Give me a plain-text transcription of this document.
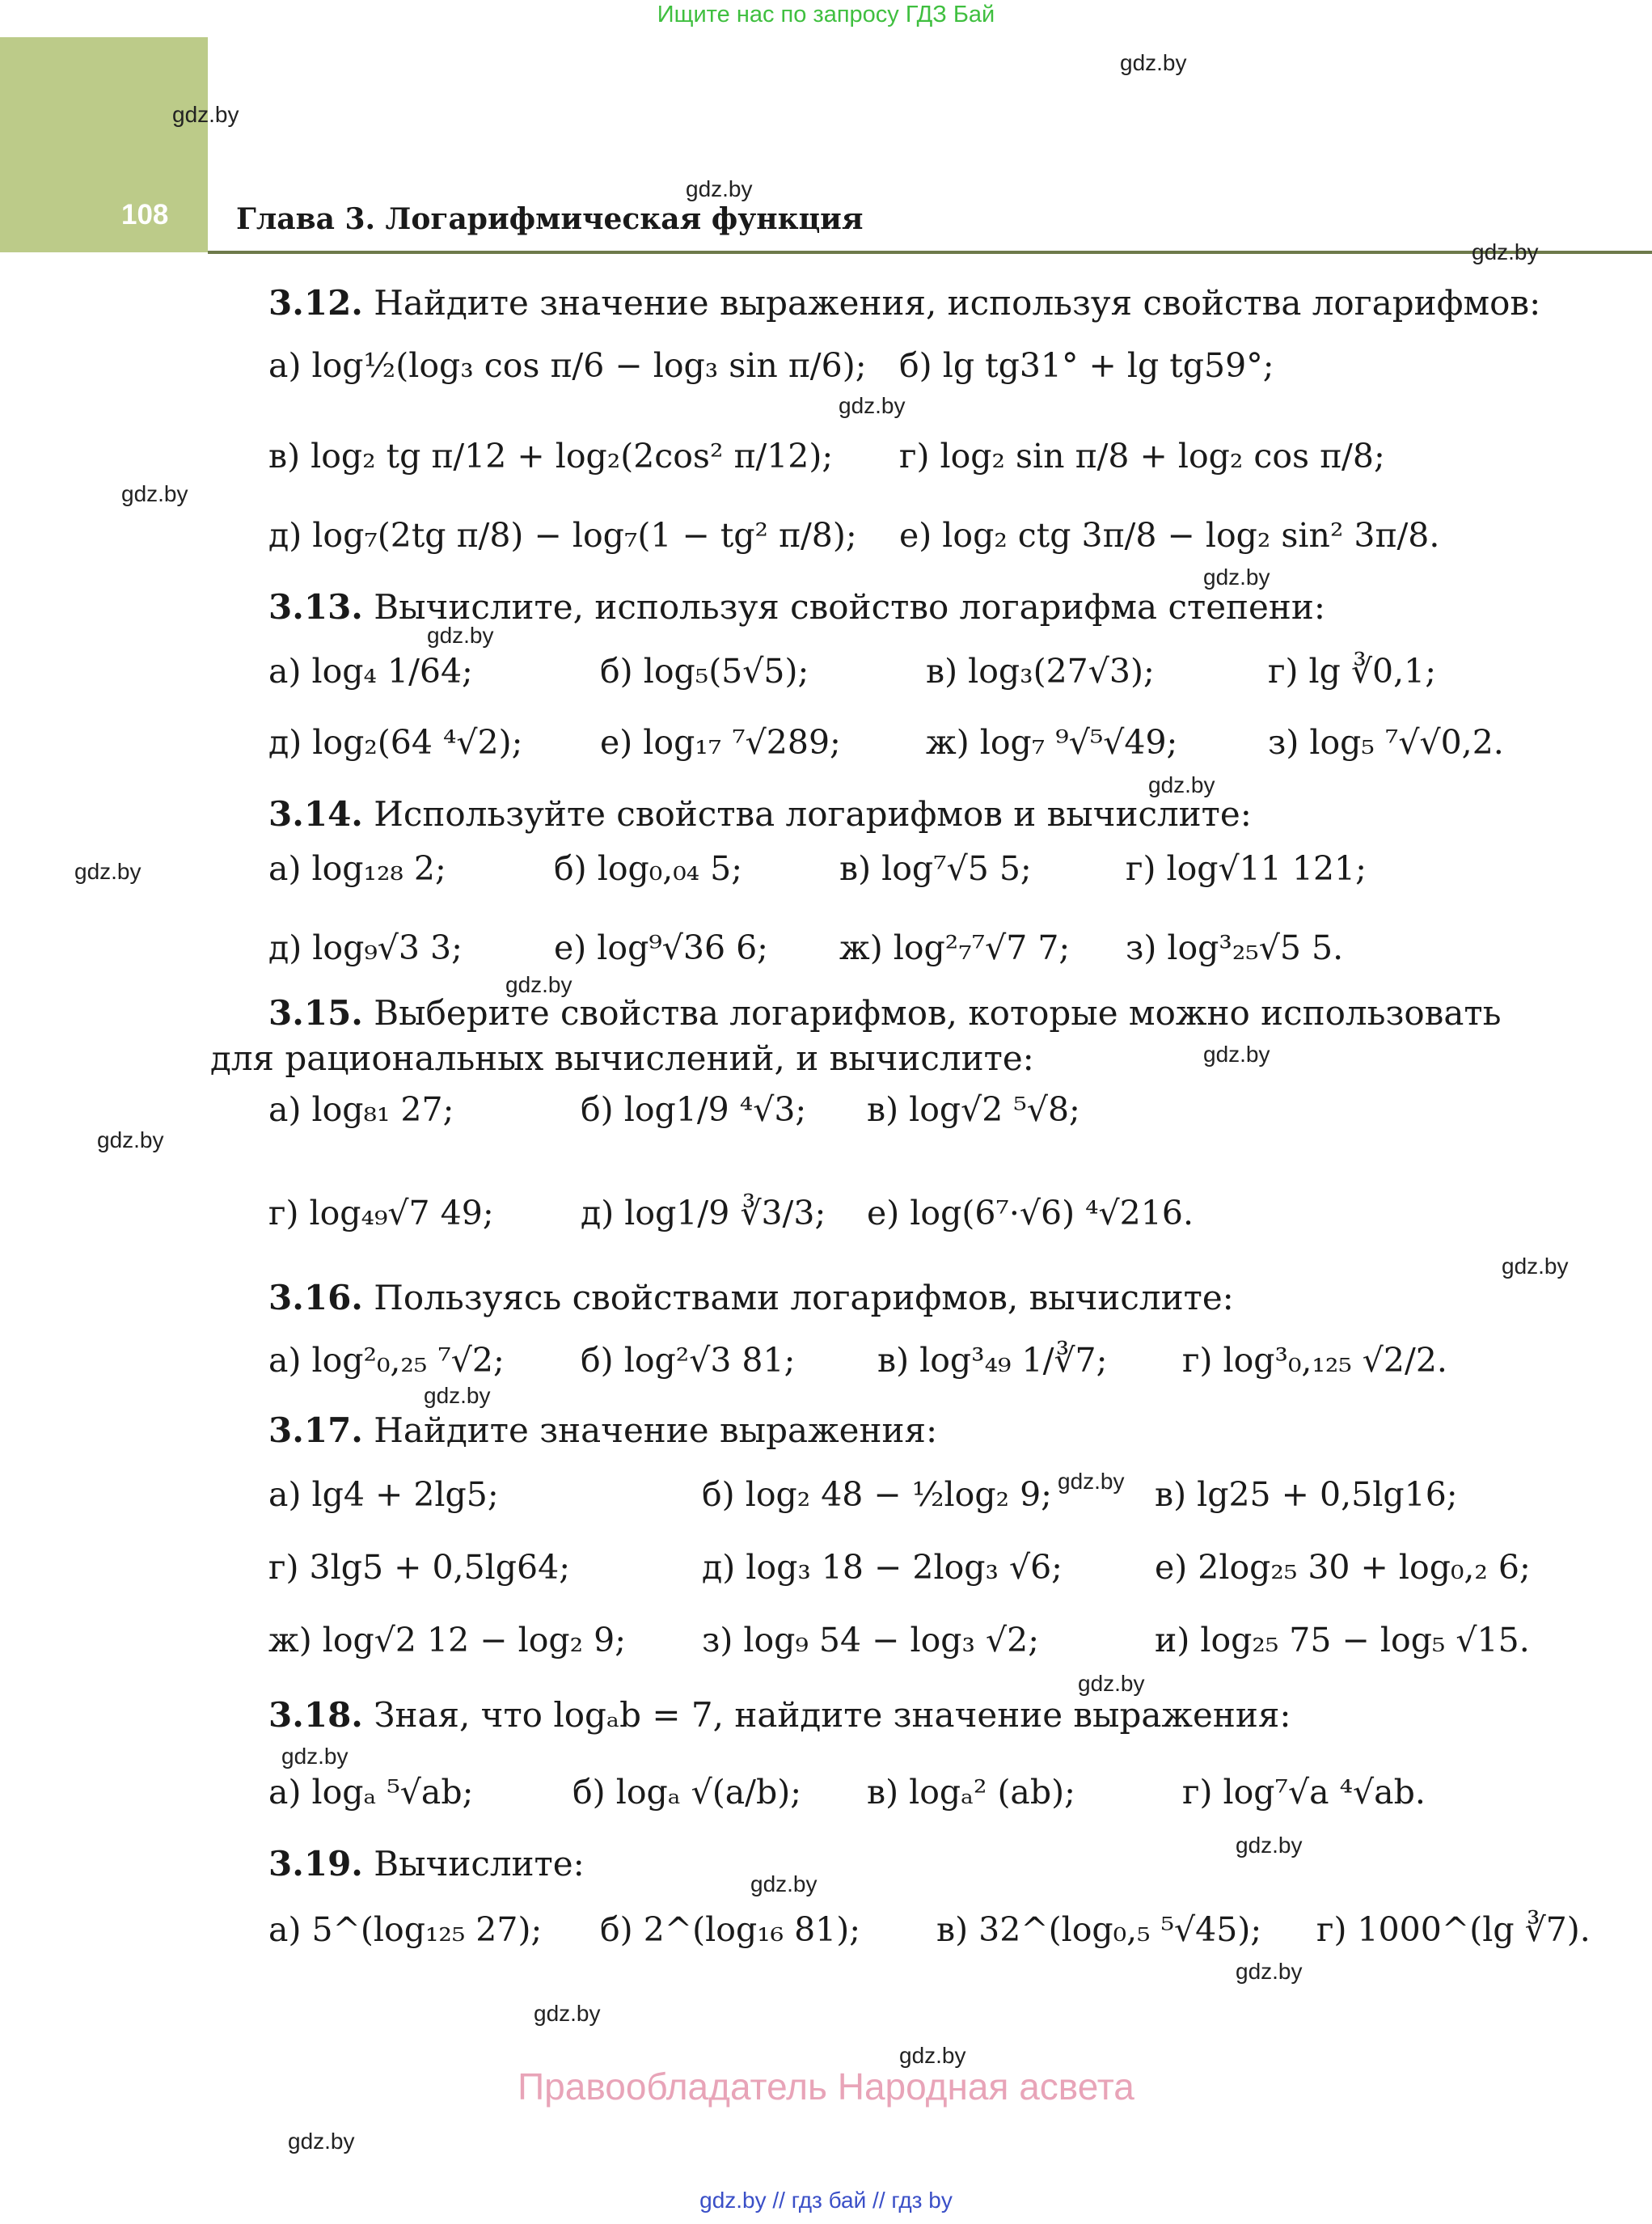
Ищите нас по запросу ГДЗ Бай
108 Глава 3. Логарифмическая функция
gdz.by
gdz.by
gdz.by
gdz.by
gdz.by
gdz.by
gdz.by
gdz.by
gdz.by
gdz.by
gdz.by
gdz.by
gdz.by
gdz.by
gdz.by
gdz.by
gdz.by
gdz.by
gdz.by
gdz.by
gdz.by
gdz.by
gdz.by
gdz.by
3.12. Найдите значение выражения, используя свойства логарифмов:
а) log½(log₃ cos π/6 − log₃ sin π/6); б) lg tg31° + lg tg59°;
в) log₂ tg π/12 + log₂(2cos² π/12); г) log₂ sin π/8 + log₂ cos π/8;
д) log₇(2tg π/8) − log₇(1 − tg² π/8); е) log₂ ctg 3π/8 − log₂ sin² 3π/8.
3.13. Вычислите, используя свойство логарифма степени:
а) log₄ 1/64;	б) log₅(5√5);	в) log₃(27√3);	г) lg ∛0,1;
д) log₂(64 ⁴√2); е) log₁₇ ⁷√289;	ж) log₇ ⁹√⁵√49;	з) log₅ ⁷√√0,2.
3.14. Используйте свойства логарифмов и вычислите:
а) log₁₂₈ 2;	б) log₀,₀₄ 5;	в) log⁷√5 5;	г) log√11 121;
д) log₉√3 3;	е) log⁹√36 6; ж) log²₇⁷√7 7; з) log³₂₅√5 5.
3.15. Выберите свойства логарифмов, которые можно использовать
для рациональных вычислений, и вычислите:
а) log₈₁ 27;	б) log1/9 ⁴√3; в) log√2 ⁵√8;
г) log₄₉√7 49;	д) log1/9 ∛3/3; е) log(6⁷·√6) ⁴√216.
3.16. Пользуясь свойствами логарифмов, вычислите:
а) log²₀,₂₅ ⁷√2; б) log²√3 81; в) log³₄₉ 1/∛7; г) log³₀,₁₂₅ √2/2.
3.17. Найдите значение выражения:
а) lg4 + 2lg5;	б) log₂ 48 − ½log₂ 9;	в) lg25 + 0,5lg16;
г) 3lg5 + 0,5lg64;	д) log₃ 18 − 2log₃ √6;	е) 2log₂₅ 30 + log₀,₂ 6;
ж) log√2 12 − log₂ 9; з) log₉ 54 − log₃ √2;	и) log₂₅ 75 − log₅ √15.
3.18. Зная, что logₐb = 7, найдите значение выражения:
а) logₐ ⁵√ab;	б) logₐ √(a/b); в) logₐ² (ab);	г) log⁷√a ⁴√ab.
3.19. Вычислите:
а) 5^(log₁₂₅ 27); б) 2^(log₁₆ 81); в) 32^(log₀,₅ ⁵√45); г) 1000^(lg ∛7).
Правообладатель Народная асвета
gdz.by // гдз бай // гдз by
